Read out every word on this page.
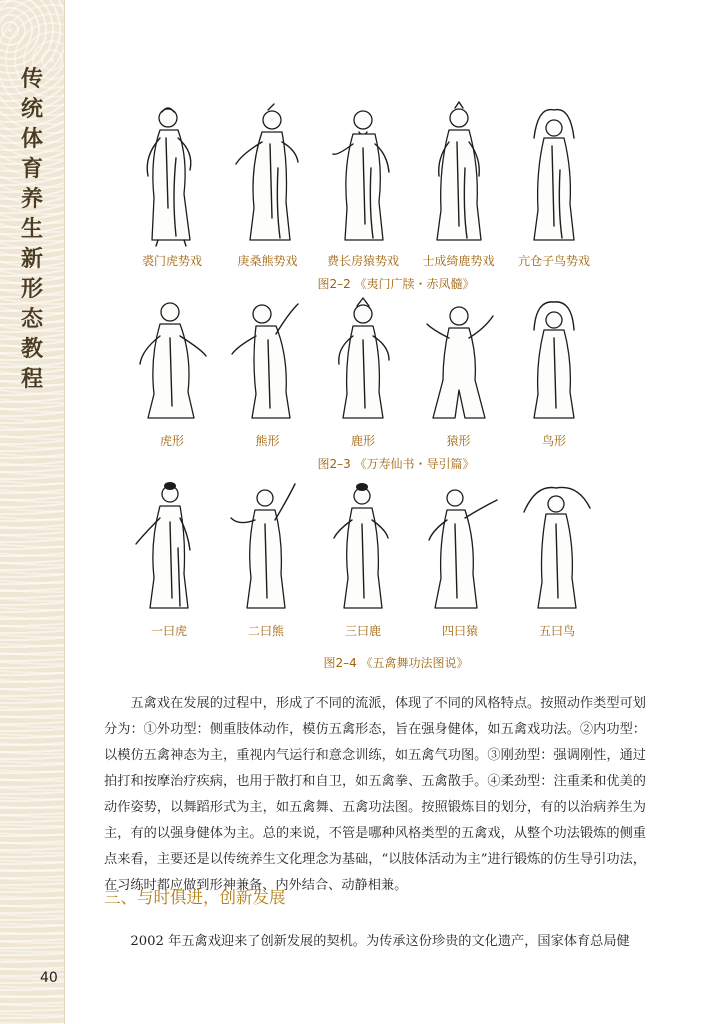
传
统
体
育
养
生
新
形
态
教
程
裘门虎势戏	庚桑熊势戏 费长房猿势戏 士成绮鹿势戏 亢仓子鸟势戏
图2–2 《夷门广牍・赤凤髓》
虎形	熊形	鹿形	猿形	鸟形
图2–3 《万寿仙书・导引篇》
一曰虎	二曰熊	三曰鹿	四曰猿	五曰鸟
图2–4 《五禽舞功法图说》

五禽戏在发展的过程中，形成了不同的流派，体现了不同的风格特点。按照动作类型可划分为：①外功型：侧重肢体动作，模仿五禽形态，旨在强身健体，如五禽戏功法。②内功型：以模仿五禽神态为主，重视内气运行和意念训练，如五禽气功图。③刚劲型：强调刚性，通过拍打和按摩治疗疾病，也用于散打和自卫，如五禽拳、五禽散手。④柔劲型：注重柔和优美的动作姿势，以舞蹈形式为主，如五禽舞、五禽功法图。按照锻炼目的划分，有的以治病养生为主，有的以强身健体为主。总的来说，不管是哪种风格类型的五禽戏，从整个功法锻炼的侧重点来看，主要还是以传统养生文化理念为基础，“以肢体活动为主”进行锻炼的仿生导引功法，在习练时都应做到形神兼备、内外结合、动静相兼。

三、与时俱进，创新发展

2002 年五禽戏迎来了创新发展的契机。为传承这份珍贵的文化遗产，国家体育总局健

40
